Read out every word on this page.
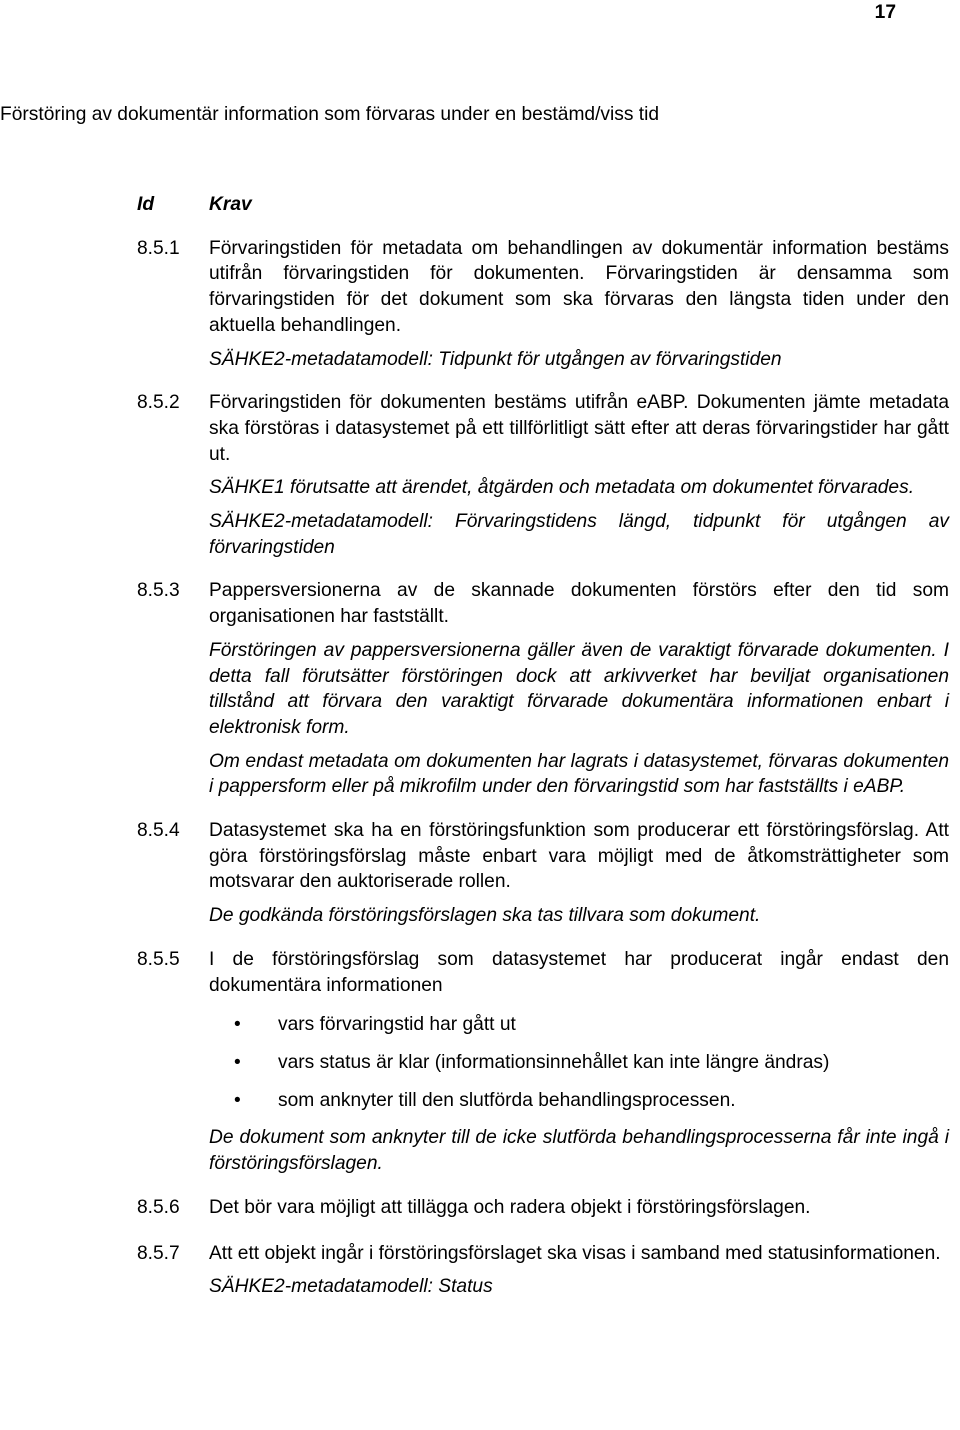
17
Förstöring av dokumentär information som förvaras under en bestämd/viss tid
Id	Krav
8.5.1	Förvaringstiden för metadata om behandlingen av dokumentär information bestäms utifrån förvaringstiden för dokumenten. Förvaringstiden är densamma som förvaringstiden för det dokument som ska förvaras den längsta tiden under den aktuella behandlingen.

SÄHKE2-metadatamodell: Tidpunkt för utgången av förvaringstiden

8.5.2	Förvaringstiden för dokumenten bestäms utifrån eABP. Dokumenten jämte metadata ska förstöras i datasystemet på ett tillförlitligt sätt efter att deras förvaringstider har gått ut.

SÄHKE1 förutsatte att ärendet, åtgärden och metadata om dokumentet förvarades.

SÄHKE2-metadatamodell: Förvaringstidens längd, tidpunkt för utgången av förvaringstiden

8.5.3	Pappersversionerna av de skannade dokumenten förstörs efter den tid som organisationen har fastställt.

Förstöringen av pappersversionerna gäller även de varaktigt förvarade dokumenten. I detta fall förutsätter förstöringen dock att arkivverket har beviljat organisationen tillstånd att förvara den varaktigt förvarade dokumentära informationen enbart i elektronisk form.

Om endast metadata om dokumenten har lagrats i datasystemet, förvaras dokumenten i pappersform eller på mikrofilm under den förvaringstid som har fastställts i eABP.

8.5.4	Datasystemet ska ha en förstöringsfunktion som producerar ett förstöringsförslag. Att göra förstöringsförslag måste enbart vara möjligt med de åtkomsträttigheter som motsvarar den auktoriserade rollen.

De godkända förstöringsförslagen ska tas tillvara som dokument.

8.5.5	I de förstöringsförslag som datasystemet har producerat ingår endast den dokumentära informationen

• vars förvaringstid har gått ut
• vars status är klar (informationsinnehållet kan inte längre ändras)
• som anknyter till den slutförda behandlingsprocessen.

De dokument som anknyter till de icke slutförda behandlingsprocesserna får inte ingå i förstöringsförslagen.

8.5.6	Det bör vara möjligt att tillägga och radera objekt i förstöringsförslagen.

8.5.7	Att ett objekt ingår i förstöringsförslaget ska visas i samband med statusinformationen.

SÄHKE2-metadatamodell: Status
